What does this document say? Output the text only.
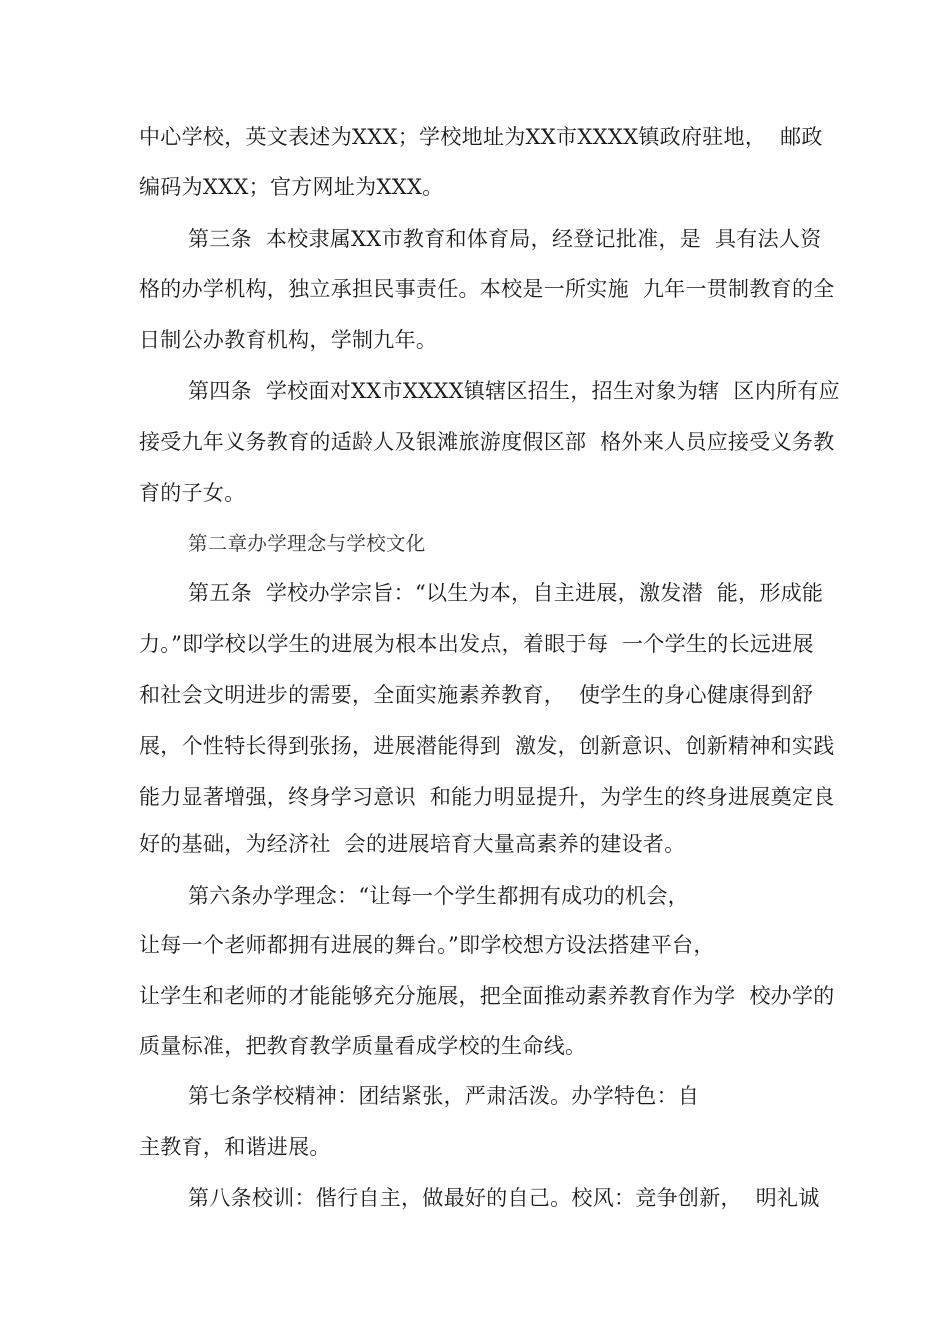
中心学校，英文表述为XXX；学校地址为XX市XXXX镇政府驻地，  邮政
编码为XXX；官方网址为XXX。
第三条  本校隶属XX市教育和体育局，经登记批准，是  具有法人资
格的办学机构，独立承担民事责任。本校是一所实施  九年一贯制教育的全
日制公办教育机构，学制九年。
第四条  学校面对XX市XXXX镇辖区招生，招生对象为辖  区内所有应
接受九年义务教育的适龄人及银滩旅游度假区部  格外来人员应接受义务教
育的子女。
第二章办学理念与学校文化
第五条  学校办学宗旨：“以生为本，自主进展，激发潜  能，形成能
力。”即学校以学生的进展为根本出发点，着眼于每  一个学生的长远进展
和社会文明进步的需要，全面实施素养教育，  使学生的身心健康得到舒
展，个性特长得到张扬，进展潜能得到  激发，创新意识、创新精神和实践
能力显著增强，终身学习意识  和能力明显提升，为学生的终身进展奠定良
好的基础，为经济社  会的进展培育大量高素养的建设者。
第六条办学理念：“让每一个学生都拥有成功的机会，
让每一个老师都拥有进展的舞台。”即学校想方设法搭建平台，
让学生和老师的才能能够充分施展，把全面推动素养教育作为学  校办学的
质量标准，把教育教学质量看成学校的生命线。
第七条学校精神：团结紧张，严肃活泼。办学特色：自
主教育，和谐进展。
第八条校训：偕行自主，做最好的自己。校风：竞争创新，  明礼诚
